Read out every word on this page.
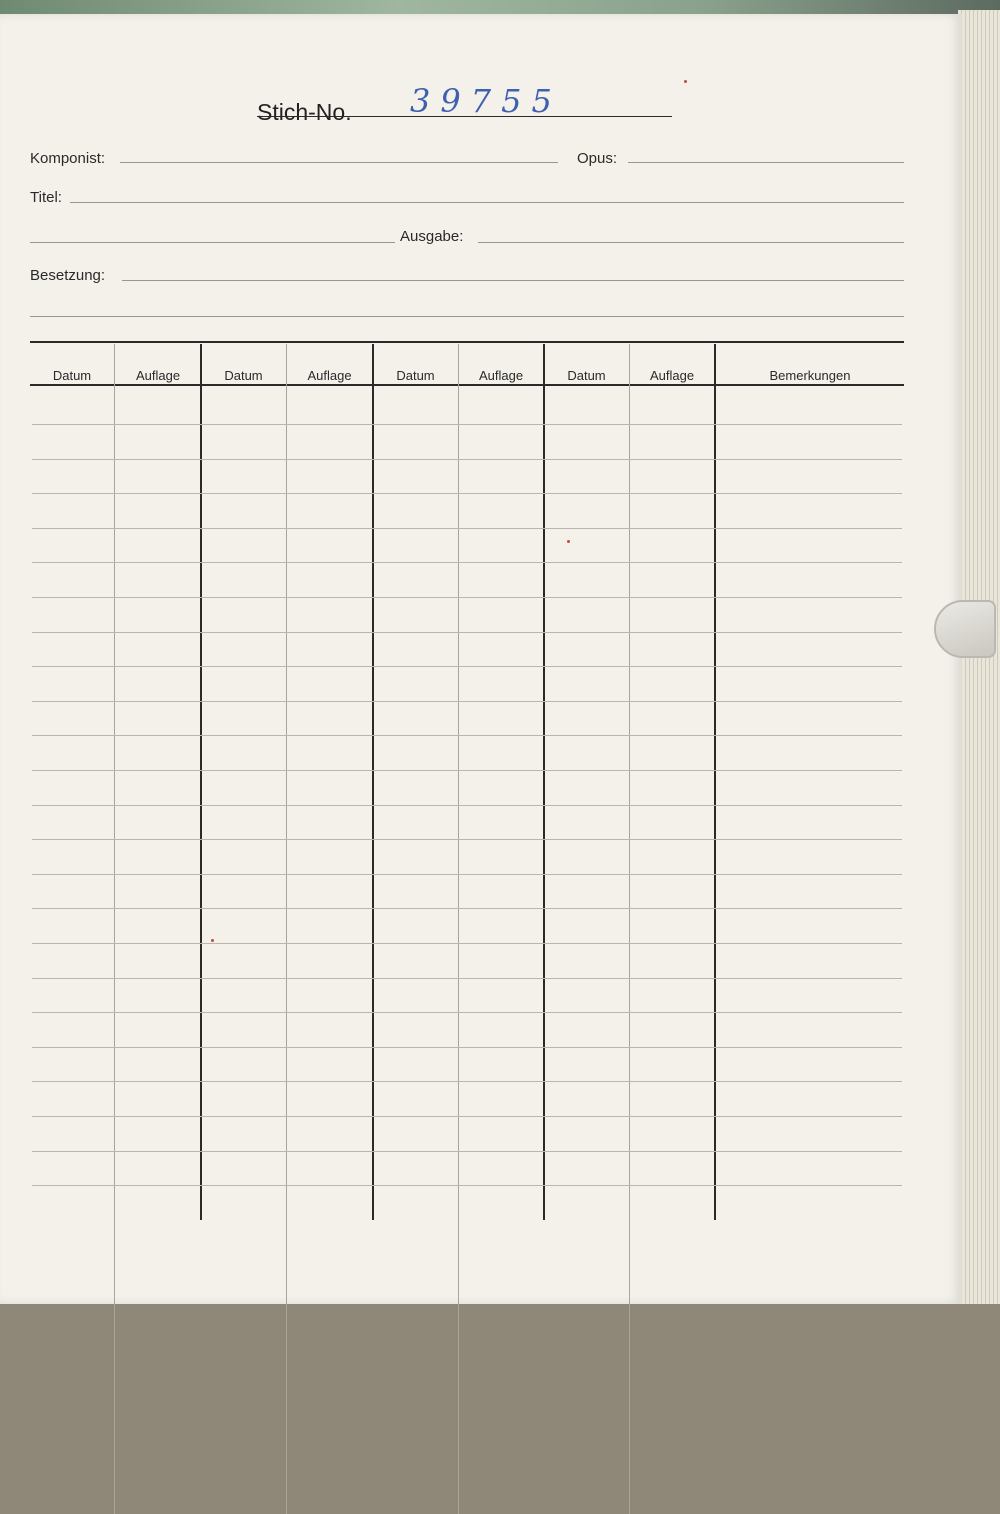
Stich-No. 39755
Komponist:	Opus:
Titel:
Ausgabe:
Besetzung:
Datum	Auflage	Datum	Auflage	Datum	Auflage	Datum	Auflage	Bemerkungen
